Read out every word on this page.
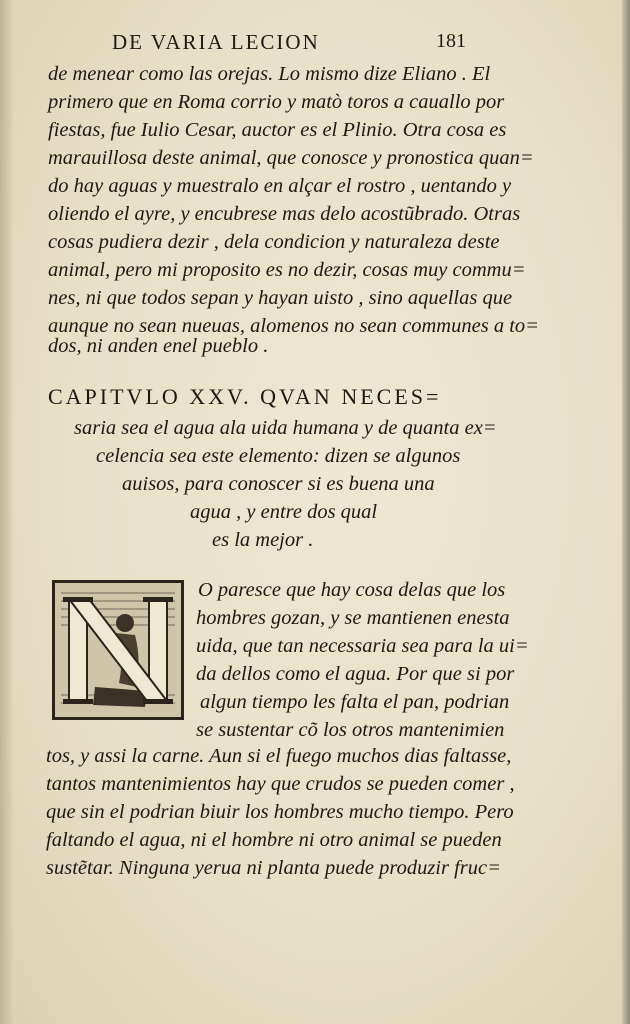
DE VARIA LECION	181
de menear como las orejas. Lo mismo dize Eliano . El
primero que en Roma corrio y matò toros a cauallo por
fiestas, fue Iulio Cesar, auctor es el Plinio. Otra cosa es
marauillosa deste animal, que conosce y pronostica quan=
do hay aguas y muestralo en alçar el rostro , uentando y
oliendo el ayre, y encubrese mas delo acostũbrado. Otras
cosas pudiera dezir , dela condicion y naturaleza deste
animal, pero mi proposito es no dezir, cosas muy commu=
nes, ni que todos sepan y hayan uisto , sino aquellas que
aunque no sean nueuas, alomenos no sean communes a to=
dos, ni anden enel pueblo .
CAPITVLO XXV. QVAN NECES=
saria sea el agua ala uida humana y de quanta ex=
celencia sea este elemento: dizen se algunos
auisos, para conoscer si es buena una
agua , y entre dos qual
es la mejor .
O paresce que hay cosa delas que los
hombres gozan, y se mantienen enesta
uida, que tan necessaria sea para la ui=
da dellos como el agua. Por que si por
algun tiempo les falta el pan, podrian
se sustentar cõ los otros mantenimien
tos, y assi la carne. Aun si el fuego muchos dias faltasse,
tantos mantenimientos hay que crudos se pueden comer ,
que sin el podrian biuir los hombres mucho tiempo. Pero
faltando el agua, ni el hombre ni otro animal se pueden
sustẽtar. Ninguna yerua ni planta puede produzir fruc=
